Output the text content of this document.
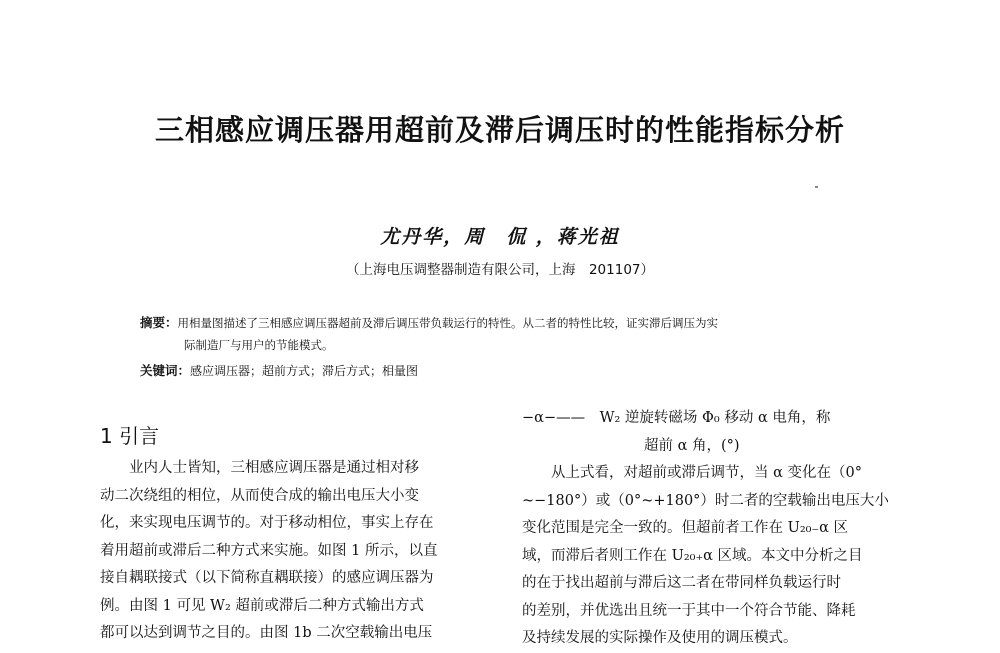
三相感应调压器用超前及滞后调压时的性能指标分析
尤丹华，周　侃 ，蒋光祖
（上海电压调整器制造有限公司，上海　201107）
摘要：用相量图描述了三相感应调压器超前及滞后调压带负载运行的特性。从二者的特性比较，证实滞后调压为实
际制造厂与用户的节能模式。
关键词：感应调压器；超前方式；滞后方式；相量图
1 引言
业内人士皆知，三相感应调压器是通过相对移
动二次绕组的相位，从而使合成的输出电压大小变
化，来实现电压调节的。对于移动相位，事实上存在
着用超前或滞后二种方式来实施。如图 1 所示，以直
接自耦联接式（以下简称直耦联接）的感应调压器为
例。由图 1 可见 W₂ 超前或滞后二种方式输出方式
都可以达到调节之目的。由图 1b 二次空载输出电压
−α−——　W₂ 逆旋转磁场 Φ₀ 移动 α 电角，称
超前 α 角，(°)
从上式看，对超前或滞后调节，当 α 变化在（0°
~−180°）或（0°~+180°）时二者的空载输出电压大小
变化范围是完全一致的。但超前者工作在 U₂₀₋α 区
域，而滞后者则工作在 U₂₀₊α 区域。本文中分析之目
的在于找出超前与滞后这二者在带同样负载运行时
的差别，并优选出且统一于其中一个符合节能、降耗
及持续发展的实际操作及使用的调压模式。
